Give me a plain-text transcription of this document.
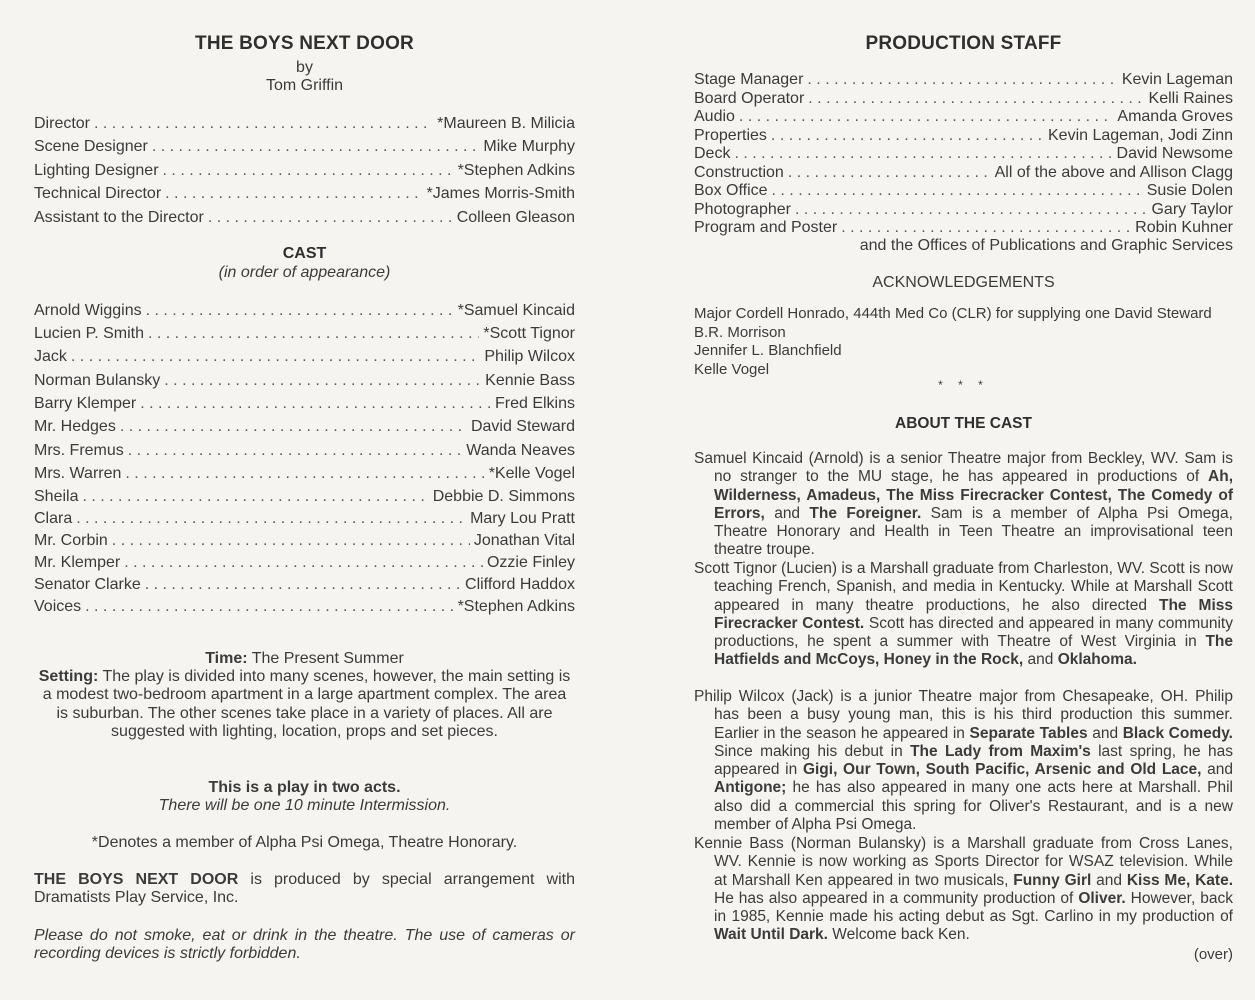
THE BOYS NEXT DOOR
by
Tom Griffin
Director . . .	*Maureen B. Milicia
Scene Designer . . .	Mike Murphy
Lighting Designer . . .	*Stephen Adkins
Technical Director . . .	*James Morris-Smith
Assistant to the Director . . .	Colleen Gleason
CAST
(in order of appearance)
Arnold Wiggins . . .	*Samuel Kincaid
Lucien P. Smith . . .	*Scott Tignor
Jack . . .	Philip Wilcox
Norman Bulansky . . .	Kennie Bass
Barry Klemper . . .	Fred Elkins
Mr. Hedges . . .	David Steward
Mrs. Fremus . . .	Wanda Neaves
Mrs. Warren . . .	*Kelle Vogel
Sheila . . .	Debbie D. Simmons
Clara . . .	Mary Lou Pratt
Mr. Corbin . . .	Jonathan Vital
Mr. Klemper . . .	Ozzie Finley
Senator Clarke . . .	Clifford Haddox
Voices . . .	*Stephen Adkins
Time: The Present Summer
Setting: The play is divided into many scenes, however, the main setting is a modest two-bedroom apartment in a large apartment complex. The area is suburban. The other scenes take place in a variety of places. All are suggested with lighting, location, props and set pieces.
This is a play in two acts.
There will be one 10 minute Intermission.
*Denotes a member of Alpha Psi Omega, Theatre Honorary.
THE BOYS NEXT DOOR is produced by special arrangement with Dramatists Play Service, Inc.
Please do not smoke, eat or drink in the theatre. The use of cameras or recording devices is strictly forbidden.
PRODUCTION STAFF
Stage Manager . . .	Kevin Lageman
Board Operator . . .	Kelli Raines
Audio . . .	Amanda Groves
Properties . . .	Kevin Lageman, Jodi Zinn
Deck . . .	David Newsome
Construction . . .	All of the above and Allison Clagg
Box Office . . .	Susie Dolen
Photographer . . .	Gary Taylor
Program and Poster . . .	Robin Kuhner
and the Offices of Publications and Graphic Services
ACKNOWLEDGEMENTS
Major Cordell Honrado, 444th Med Co (CLR) for supplying one David Steward
B.R. Morrison
Jennifer L. Blanchfield
Kelle Vogel
* * *
ABOUT THE CAST
Samuel Kincaid (Arnold) is a senior Theatre major from Beckley, WV. Sam is no stranger to the MU stage, he has appeared in productions of Ah, Wilderness, Amadeus, The Miss Firecracker Contest, The Comedy of Errors, and The Foreigner. Sam is a member of Alpha Psi Omega, Theatre Honorary and Health in Teen Theatre an improvisational teen theatre troupe.
Scott Tignor (Lucien) is a Marshall graduate from Charleston, WV. Scott is now teaching French, Spanish, and media in Kentucky. While at Marshall Scott appeared in many theatre productions, he also directed The Miss Firecracker Contest. Scott has directed and appeared in many community productions, he spent a summer with Theatre of West Virginia in The Hatfields and McCoys, Honey in the Rock, and Oklahoma.
Philip Wilcox (Jack) is a junior Theatre major from Chesapeake, OH. Philip has been a busy young man, this is his third production this summer. Earlier in the season he appeared in Separate Tables and Black Comedy. Since making his debut in The Lady from Maxim's last spring, he has appeared in Gigi, Our Town, South Pacific, Arsenic and Old Lace, and Antigone; he has also appeared in many one acts here at Marshall. Phil also did a commercial this spring for Oliver's Restaurant, and is a new member of Alpha Psi Omega.
Kennie Bass (Norman Bulansky) is a Marshall graduate from Cross Lanes, WV. Kennie is now working as Sports Director for WSAZ television. While at Marshall Ken appeared in two musicals, Funny Girl and Kiss Me, Kate. He has also appeared in a community production of Oliver. However, back in 1985, Kennie made his acting debut as Sgt. Carlino in my production of Wait Until Dark. Welcome back Ken.
(over)
